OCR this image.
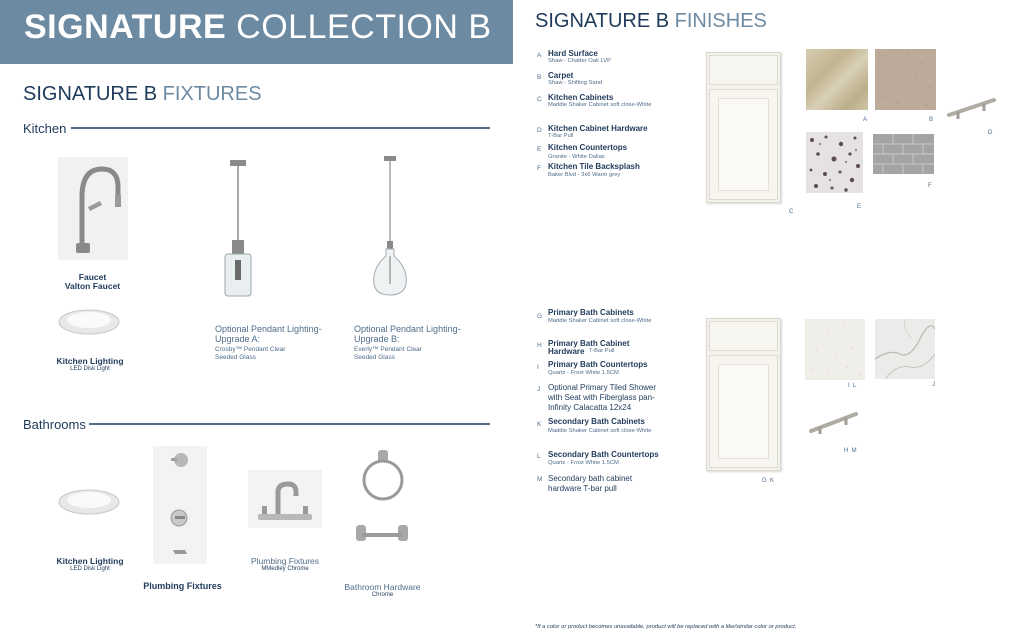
SIGNATURE COLLECTION B
SIGNATURE B FIXTURES
Kitchen
Faucet
Valton Faucet
Kitchen Lighting
LED Disk Light
Optional Pendant Lighting- Upgrade A:
Crosby™ Pendant Clear Seeded Glass
Optional Pendant Lighting- Upgrade B:
Everly™ Pendant Clear Seeded Glass
Bathrooms
Kitchen Lighting
LED Disk Light
Plumbing Fixtures
Plumbing Fixtures
MMedley Chrome
Bathroom Hardware
Chrome
SIGNATURE B FINISHES
A Hard Surface
Shaw - Chatter Oak LVP
B Carpet
Shaw - Shifting Sand
C Kitchen Cabinets
Maddie Shaker Cabinet soft close-White
D Kitchen Cabinet Hardware
T-Bar Pull
E Kitchen Countertops
Granite - White Dallas
F Kitchen Tile Backsplash
Baker Blvd - 3x6 Warm grey
C
A	B
D
E
F
G Primary Bath Cabinets
Maddie Shaker Cabinet soft close-White
H Primary Bath Cabinet Hardware T-Bar Pull
I Primary Bath Countertops
Quartz - Frost White 1.5CM
J Optional Primary Tiled Shower with Seat with Fiberglass pan- Infinity Calacatta 12x24
K Secondary Bath Cabinets
Maddie Shaker Cabinet soft close-White
L Secondary Bath Countertops
Quartz - Frost White 1.5CM
M Secondary bath cabinet hardware T-bar pull
G  K
I  L	J
H  M
*If a color or product becomes unavailable, product will be replaced with a like/similar color or product.
